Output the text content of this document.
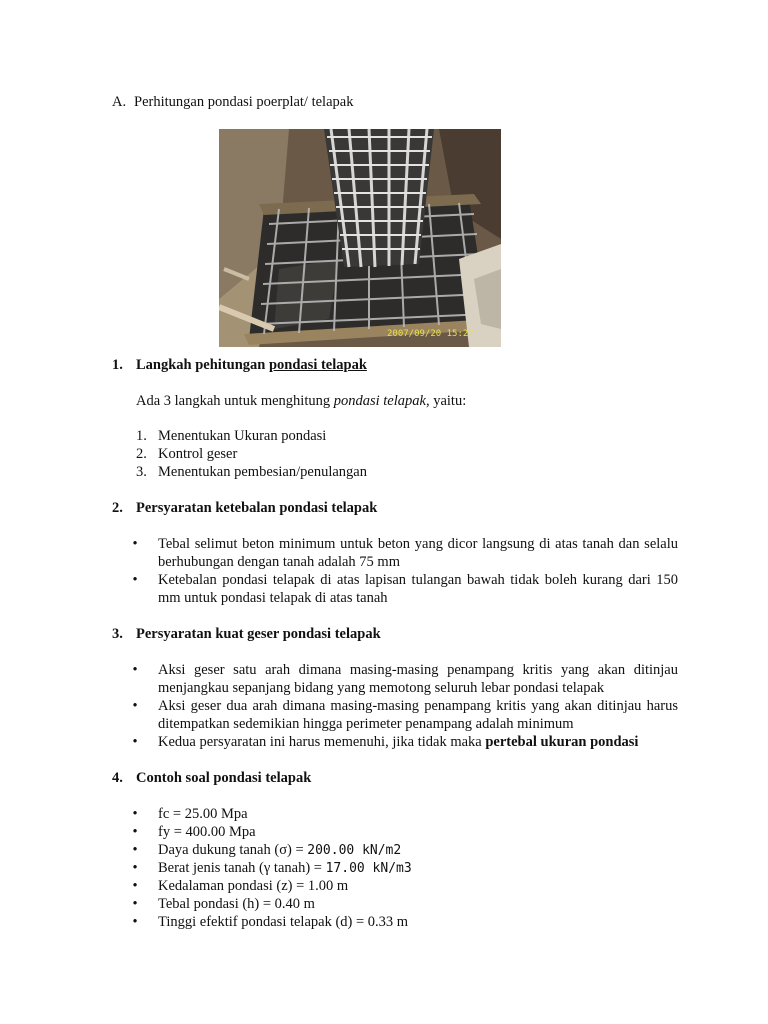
A. Perhitungan pondasi poerplat/ telapak
2007/09/20 15:2?
1. Langkah pehitungan pondasi telapak
Ada 3 langkah untuk menghitung pondasi telapak, yaitu:
1. Menentukan Ukuran pondasi
2. Kontrol geser
3. Menentukan pembesian/penulangan
2. Persyaratan ketebalan pondasi telapak
•
Tebal selimut beton minimum untuk beton yang dicor langsung di atas tanah dan selalu berhubungan dengan tanah adalah 75 mm
•
Ketebalan pondasi telapak di atas lapisan tulangan bawah tidak boleh kurang dari 150 mm untuk pondasi telapak di atas tanah
3. Persyaratan kuat geser pondasi telapak
•
Aksi geser satu arah dimana masing-masing penampang kritis yang akan ditinjau menjangkau sepanjang bidang yang memotong seluruh lebar pondasi telapak
•
Aksi geser dua arah dimana masing-masing penampang kritis yang akan ditinjau harus ditempatkan sedemikian hingga perimeter penampang adalah minimum
•
Kedua persyaratan ini harus memenuhi, jika tidak maka pertebal ukuran pondasi
4. Contoh soal pondasi telapak
•
fc = 25.00 Mpa
•
fy = 400.00 Mpa
•
Daya dukung tanah (σ) = 200.00 kN/m2
•
Berat jenis tanah (γ tanah) = 17.00 kN/m3
•
Kedalaman pondasi (z) = 1.00 m
•
Tebal pondasi (h) = 0.40 m
•
Tinggi efektif pondasi telapak (d) = 0.33 m
